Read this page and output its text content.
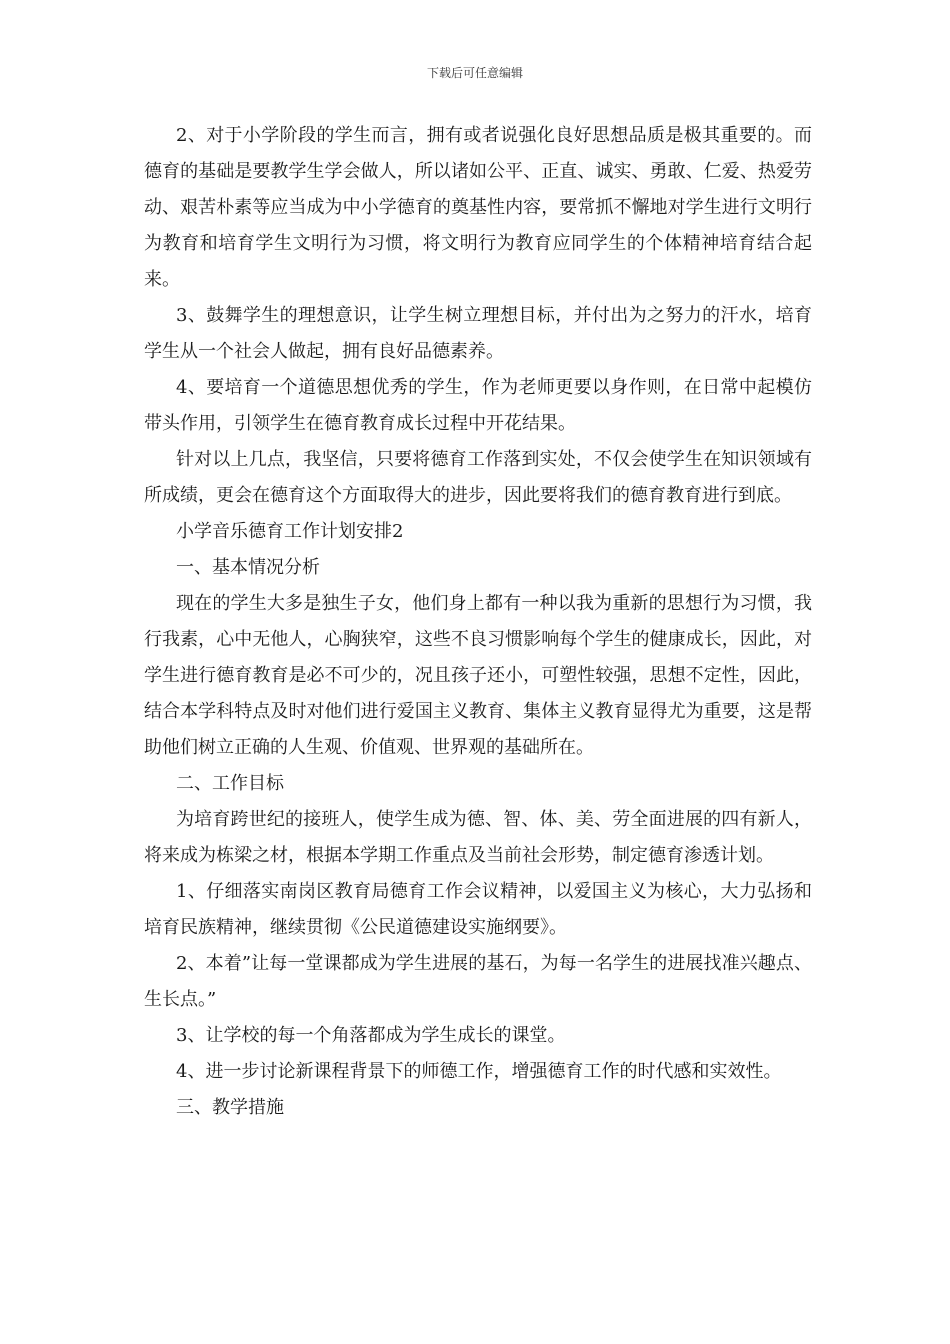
下载后可任意编辑

2、对于小学阶段的学生而言，拥有或者说强化良好思想品质是极其重要的。而德育的基础是要教学生学会做人，所以诸如公平、正直、诚实、勇敢、仁爱、热爱劳动、艰苦朴素等应当成为中小学德育的奠基性内容，要常抓不懈地对学生进行文明行为教育和培育学生文明行为习惯，将文明行为教育应同学生的个体精神培育结合起来。

3、鼓舞学生的理想意识，让学生树立理想目标，并付出为之努力的汗水，培育学生从一个社会人做起，拥有良好品德素养。

4、要培育一个道德思想优秀的学生，作为老师更要以身作则，在日常中起模仿带头作用，引领学生在德育教育成长过程中开花结果。

针对以上几点，我坚信，只要将德育工作落到实处，不仅会使学生在知识领域有所成绩，更会在德育这个方面取得大的进步，因此要将我们的德育教育进行到底。

小学音乐德育工作计划安排2

一、基本情况分析

现在的学生大多是独生子女，他们身上都有一种以我为重新的思想行为习惯，我行我素，心中无他人，心胸狭窄，这些不良习惯影响每个学生的健康成长，因此，对学生进行德育教育是必不可少的，况且孩子还小，可塑性较强，思想不定性，因此，结合本学科特点及时对他们进行爱国主义教育、集体主义教育显得尤为重要，这是帮助他们树立正确的人生观、价值观、世界观的基础所在。

二、工作目标

为培育跨世纪的接班人，使学生成为德、智、体、美、劳全面进展的四有新人，将来成为栋梁之材，根据本学期工作重点及当前社会形势，制定德育渗透计划。

1、仔细落实南岗区教育局德育工作会议精神，以爱国主义为核心，大力弘扬和培育民族精神，继续贯彻《公民道德建设实施纲要》。

2、本着”让每一堂课都成为学生进展的基石，为每一名学生的进展找准兴趣点、生长点。”

3、让学校的每一个角落都成为学生成长的课堂。

4、进一步讨论新课程背景下的师德工作，增强德育工作的时代感和实效性。

三、教学措施
